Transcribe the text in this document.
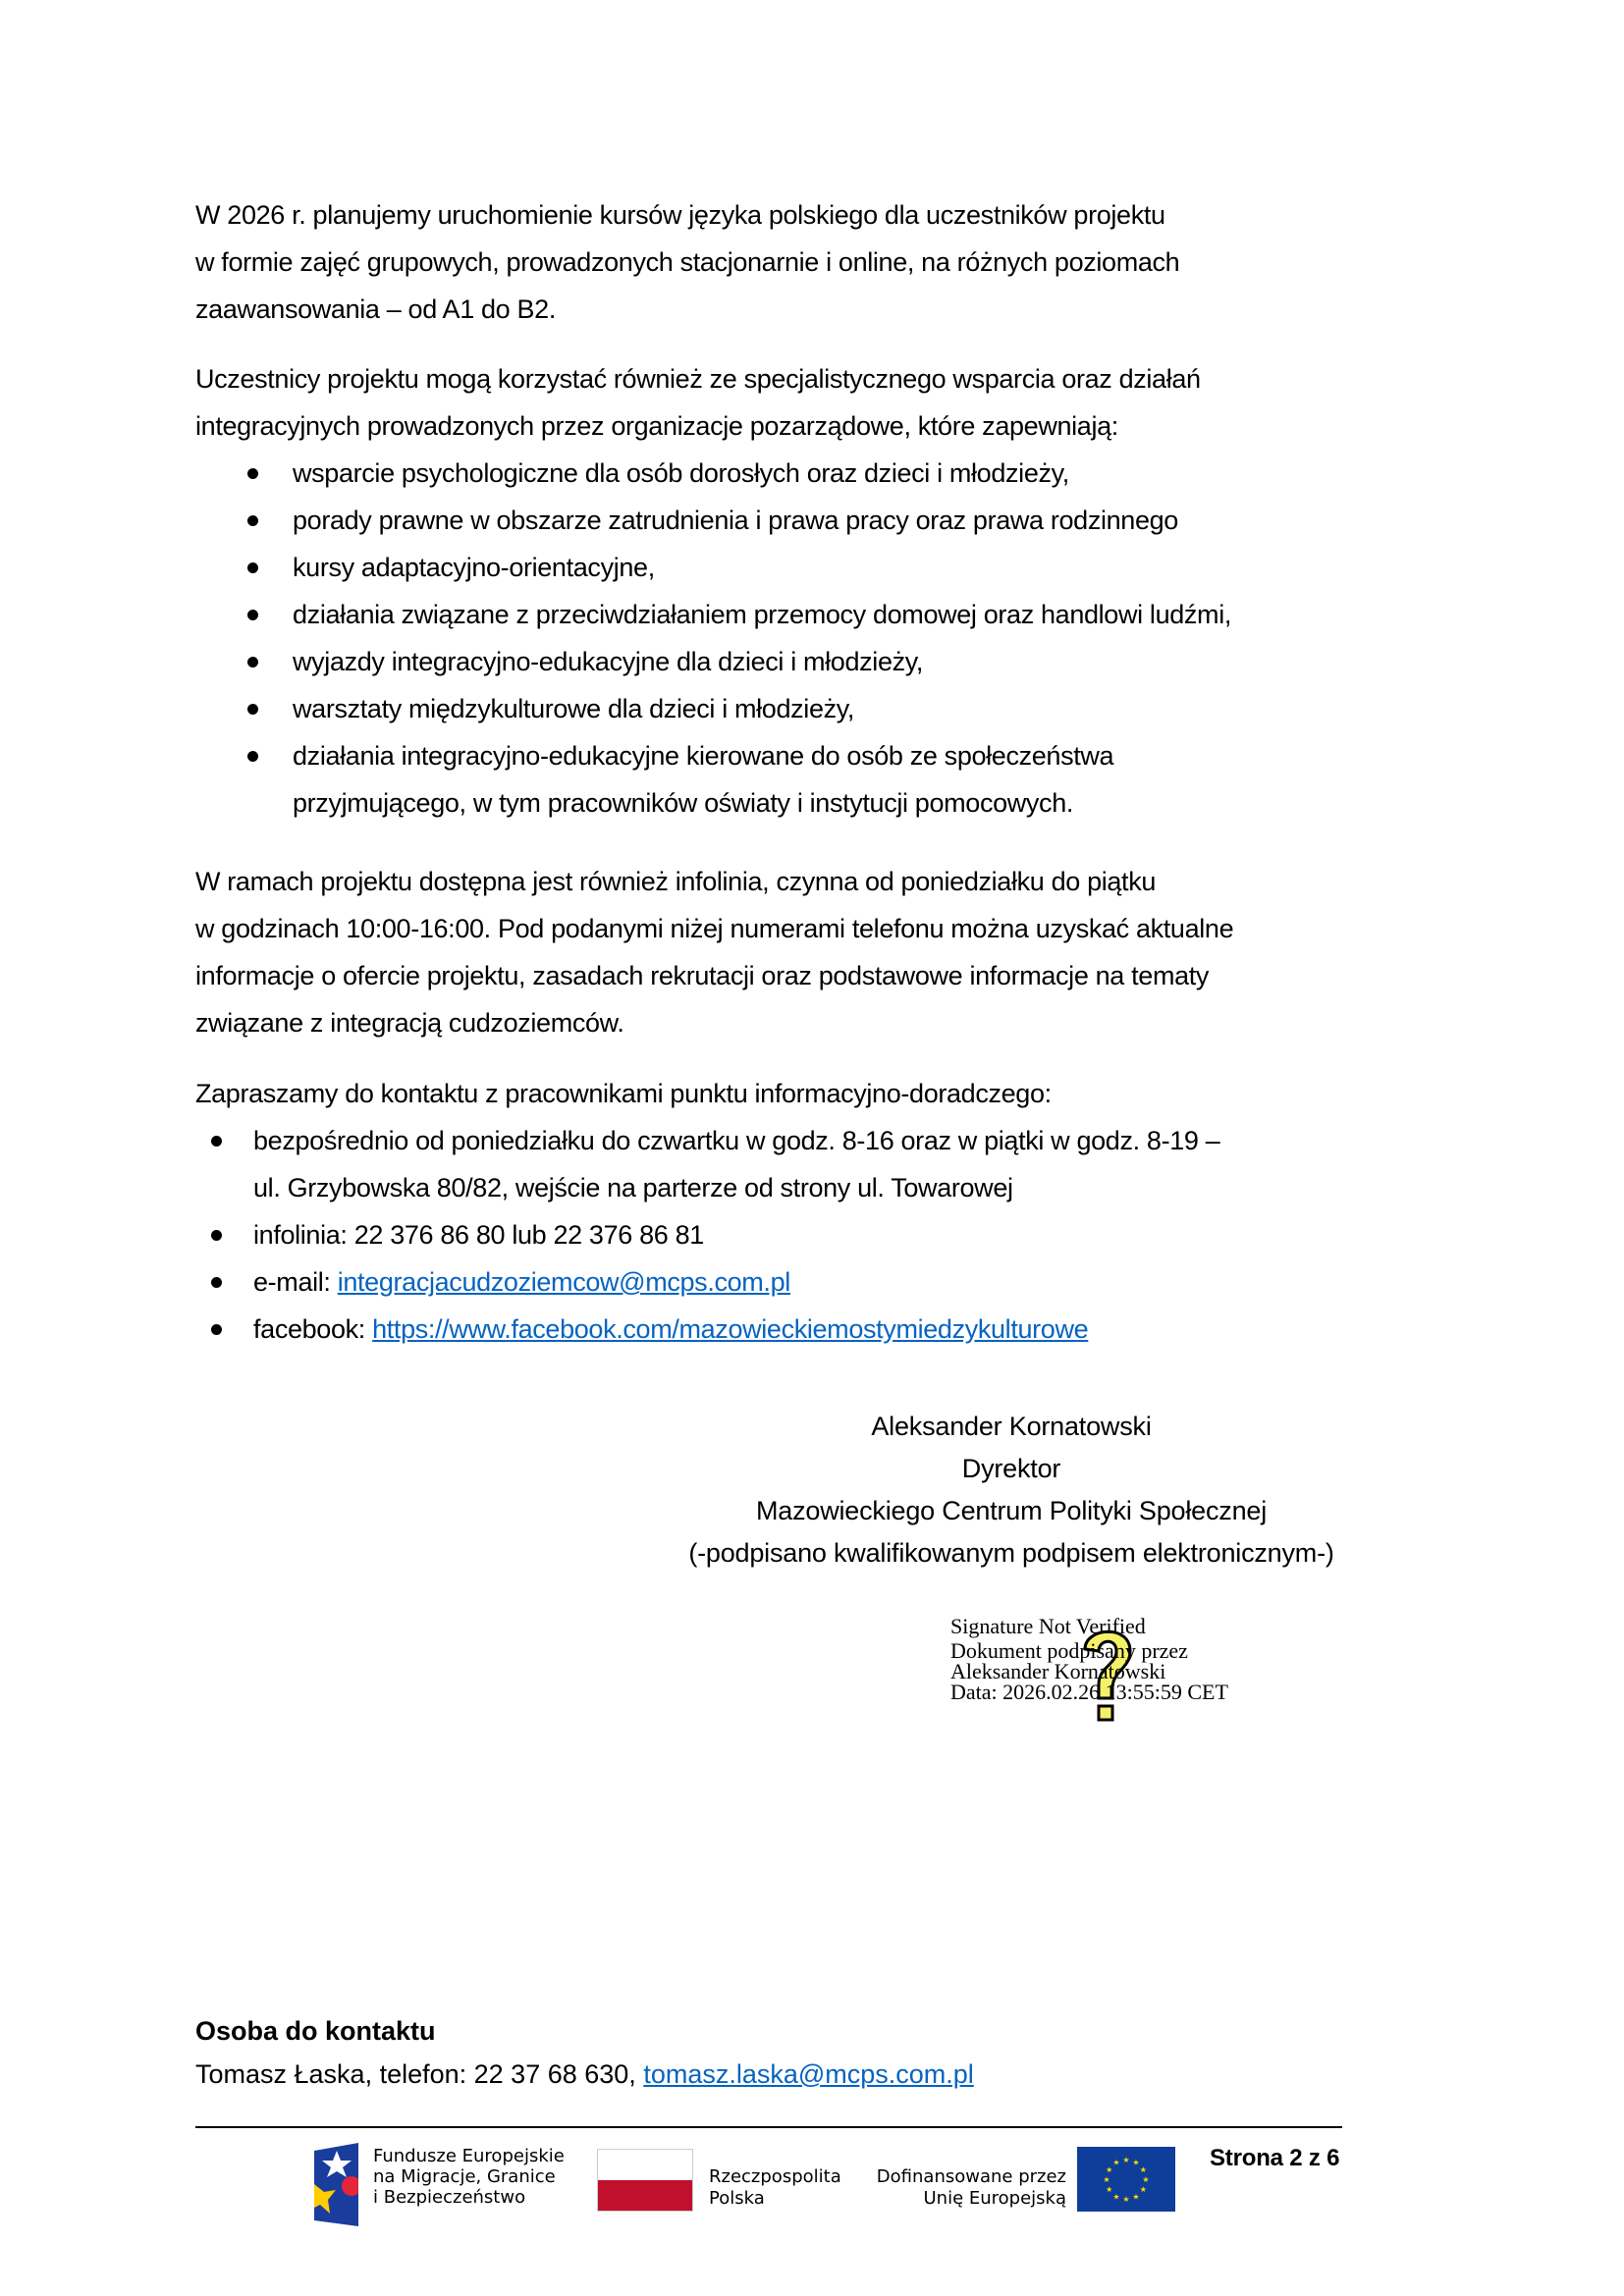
W 2026 r. planujemy uruchomienie kursów języka polskiego dla uczestników projektu
w formie zajęć grupowych, prowadzonych stacjonarnie i online, na różnych poziomach
zaawansowania – od A1 do B2.

Uczestnicy projektu mogą korzystać również ze specjalistycznego wsparcia oraz działań
integracyjnych prowadzonych przez organizacje pozarządowe, które zapewniają:

wsparcie psychologiczne dla osób dorosłych oraz dzieci i młodzieży,
porady prawne w obszarze zatrudnienia i prawa pracy oraz prawa rodzinnego
kursy adaptacyjno-orientacyjne,
działania związane z przeciwdziałaniem przemocy domowej oraz handlowi ludźmi,
wyjazdy integracyjno-edukacyjne dla dzieci i młodzieży,
warsztaty międzykulturowe dla dzieci i młodzieży,
działania integracyjno-edukacyjne kierowane do osób ze społeczeństwa
przyjmującego, w tym pracowników oświaty i instytucji pomocowych.

W ramach projektu dostępna jest również infolinia, czynna od poniedziałku do piątku
w godzinach 10:00-16:00. Pod podanymi niżej numerami telefonu można uzyskać aktualne
informacje o ofercie projektu, zasadach rekrutacji oraz podstawowe informacje na tematy
związane z integracją cudzoziemców.

Zapraszamy do kontaktu z pracownikami punktu informacyjno-doradczego:

bezpośrednio od poniedziałku do czwartku w godz. 8-16 oraz w piątki w godz. 8-19 –
ul. Grzybowska 80/82, wejście na parterze od strony ul. Towarowej
infolinia: 22 376 86 80 lub 22 376 86 81
e-mail: integracjacudzoziemcow@mcps.com.pl
facebook: https://www.facebook.com/mazowieckiemostymiedzykulturowe
Aleksander Kornatowski
Dyrektor
Mazowieckiego Centrum Polityki Społecznej
(-podpisano kwalifikowanym podpisem elektronicznym-)
Signature Not Verified
Dokument podpisany przez
Aleksander Kornatowski
Data: 2026.02.26 13:55:59 CET
Osoba do kontaktu
Tomasz Łaska, telefon: 22 37 68 630, tomasz.laska@mcps.com.pl
Fundusze Europejskie
na Migracje, Granice
i Bezpieczeństwo
Rzeczpospolita
Polska
Dofinansowane przez
Unię Europejską
★ ★
★
★
★
★
★
★
★
★
★
★	Strona 2 z 6
